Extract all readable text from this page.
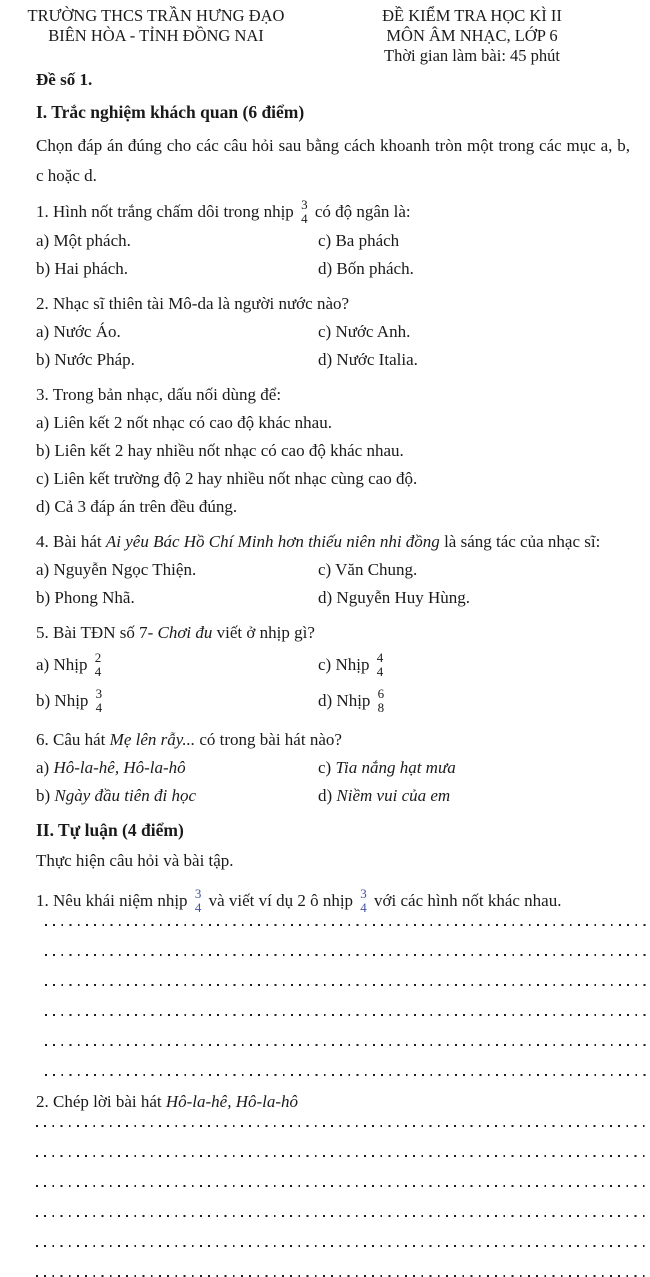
TRƯỜNG THCS TRẦN HƯNG ĐẠO
BIÊN HÒA - TỈNH ĐỒNG NAI
ĐỀ KIỂM TRA HỌC KÌ II
MÔN ÂM NHẠC, LỚP 6
Thời gian làm bài: 45 phút
Đề số 1.
I. Trắc nghiệm khách quan (6 điểm)

Chọn đáp án đúng cho các câu hỏi sau bằng cách khoanh tròn một trong các mục a, b, c hoặc d.

1. Hình nốt trắng chấm dôi trong nhịp 3
4 có độ ngân là:
a) Một phách.
b) Hai phách.
c) Ba phách
d) Bốn phách.
2. Nhạc sĩ thiên tài Mô-da là người nước nào?
a) Nước Áo.
b) Nước Pháp.
c) Nước Anh.
d) Nước Italia.
3. Trong bản nhạc, dấu nối dùng để:
a) Liên kết 2 nốt nhạc có cao độ khác nhau.
b) Liên kết 2 hay nhiều nốt nhạc có cao độ khác nhau.
c) Liên kết trường độ 2 hay nhiều nốt nhạc cùng cao độ.
d) Cả 3 đáp án trên đều đúng.
4. Bài hát Ai yêu Bác Hồ Chí Minh hơn thiếu niên nhi đồng là sáng tác của nhạc sĩ:
a) Nguyễn Ngọc Thiện.
b) Phong Nhã.
c) Văn Chung.
d) Nguyễn Huy Hùng.
5. Bài TĐN số 7- Chơi đu viết ở nhịp gì?
a) Nhịp 2
4
b) Nhịp 3
4
c) Nhịp 4
4
d) Nhịp 6
8
6. Câu hát Mẹ lên rẫy... có trong bài hát nào?
a) Hô-la-hê, Hô-la-hô
b) Ngày đầu tiên đi học
c) Tia nắng hạt mưa
d) Niềm vui của em
II. Tự luận (4 điểm)

Thực hiện câu hỏi và bài tập.

1. Nêu khái niệm nhịp 3
4 và viết ví dụ 2 ô nhịp 3
4 với các hình nốt khác nhau.
2. Chép lời bài hát Hô-la-hê, Hô-la-hô
